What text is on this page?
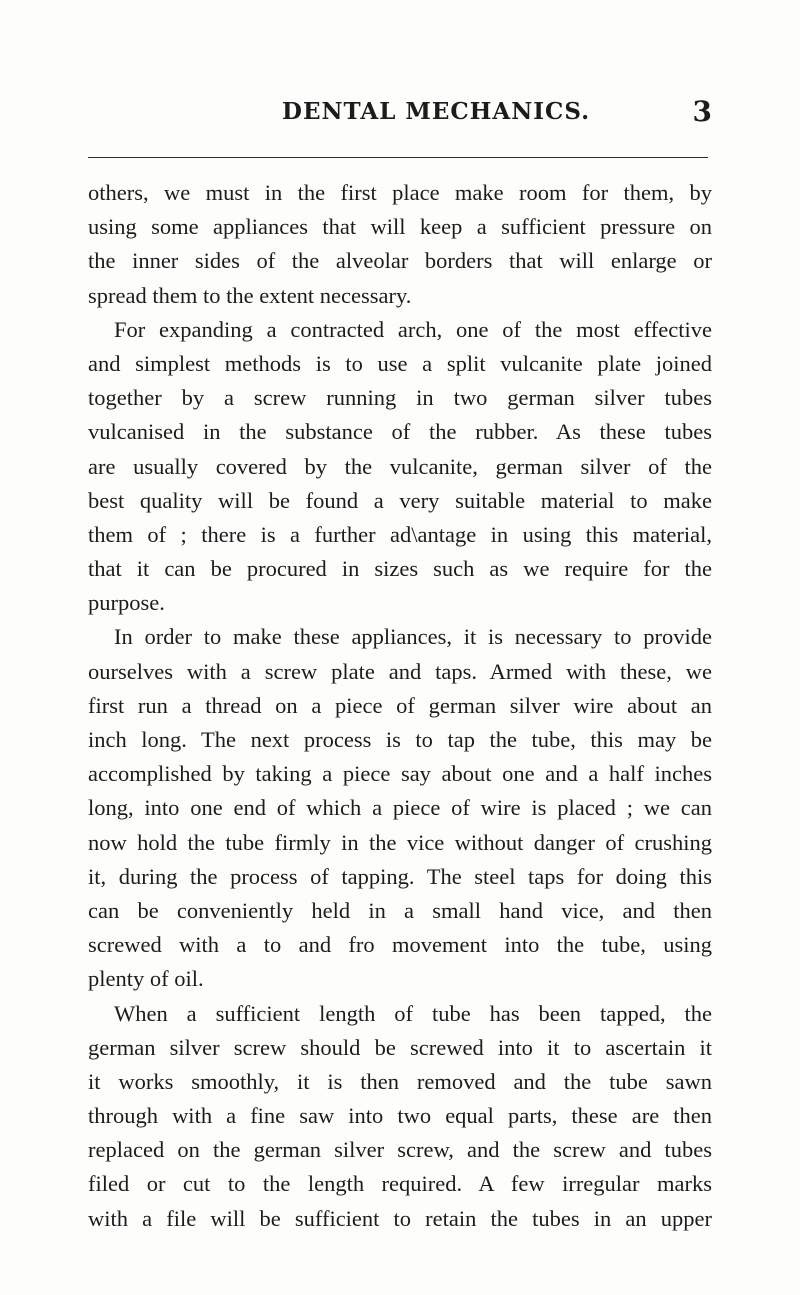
DENTAL MECHANICS.	3
others, we must in the first place make room for them, by
using some appliances that will keep a sufficient pressure on
the inner sides of the alveolar borders that will enlarge or
spread them to the extent necessary.
For expanding a contracted arch, one of the most effective
and simplest methods is to use a split vulcanite plate joined
together by a screw running in two german silver tubes
vulcanised in the substance of the rubber. As these tubes
are usually covered by the vulcanite, german silver of the
best quality will be found a very suitable material to make
them of ; there is a further ad\antage in using this material,
that it can be procured in sizes such as we require for the
purpose.
In order to make these appliances, it is necessary to provide
ourselves with a screw plate and taps. Armed with these, we
first run a thread on a piece of german silver wire about an
inch long. The next process is to tap the tube, this may be
accomplished by taking a piece say about one and a half inches
long, into one end of which a piece of wire is placed ; we can
now hold the tube firmly in the vice without danger of crushing
it, during the process of tapping. The steel taps for doing this
can be conveniently held in a small hand vice, and then
screwed with a to and fro movement into the tube, using
plenty of oil.
When a sufficient length of tube has been tapped, the
german silver screw should be screwed into it to ascertain it
it works smoothly, it is then removed and the tube sawn
through with a fine saw into two equal parts, these are then
replaced on the german silver screw, and the screw and tubes
filed or cut to the length required. A few irregular marks
with a file will be sufficient to retain the tubes in an upper
